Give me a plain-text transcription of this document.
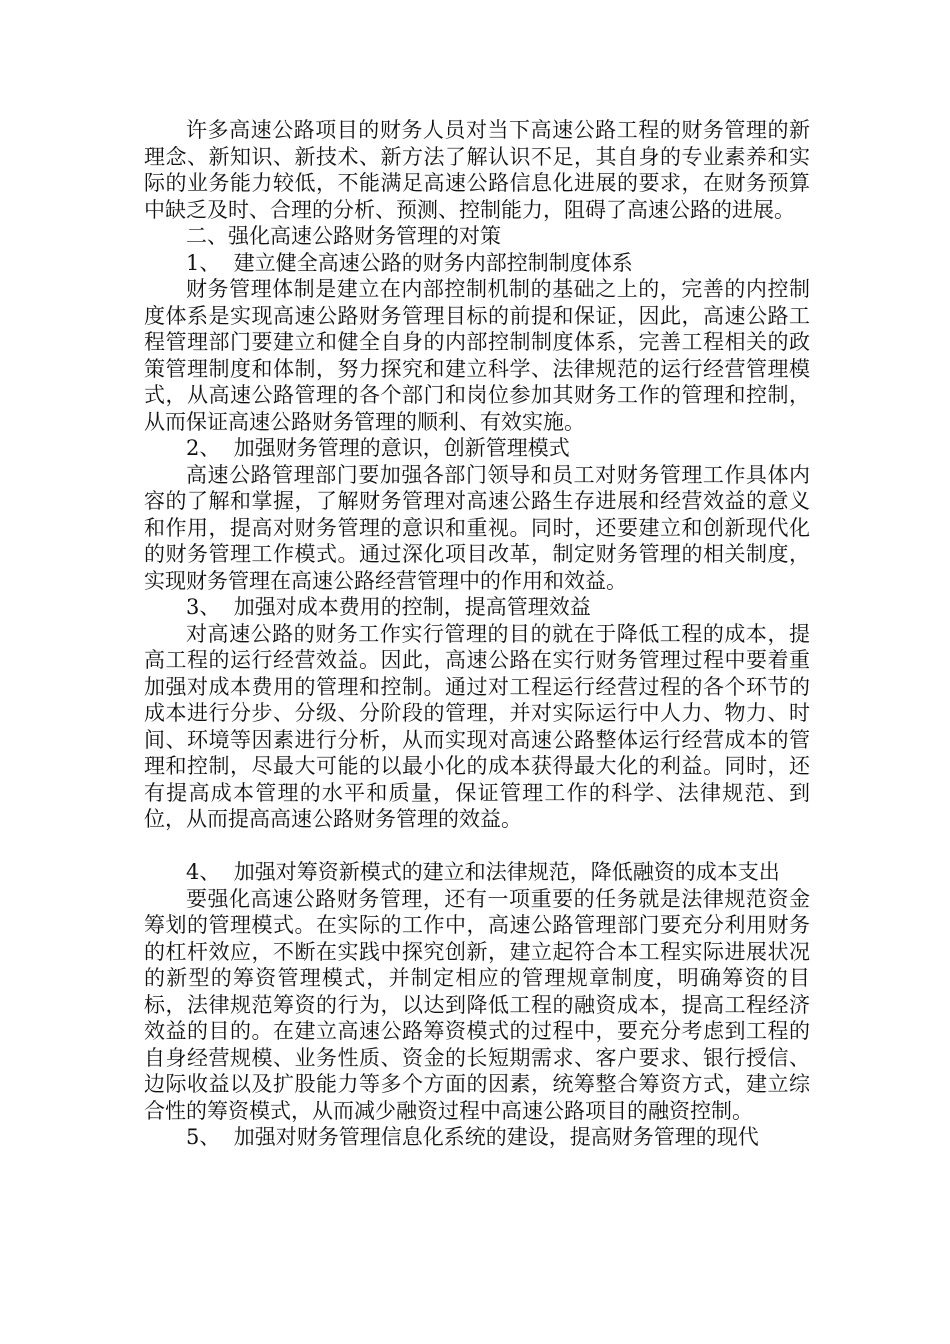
许多高速公路项目的财务人员对当下高速公路工程的财务管理的新理念、新知识、新技术、新方法了解认识不足，其自身的专业素养和实际的业务能力较低，不能满足高速公路信息化进展的要求，在财务预算中缺乏及时、合理的分析、预测、控制能力，阻碍了高速公路的进展。

二、强化高速公路财务管理的对策

1、  建立健全高速公路的财务内部控制制度体系

财务管理体制是建立在内部控制机制的基础之上的，完善的内控制度体系是实现高速公路财务管理目标的前提和保证，因此，高速公路工程管理部门要建立和健全自身的内部控制制度体系，完善工程相关的政策管理制度和体制，努力探究和建立科学、法律规范的运行经营管理模式，从高速公路管理的各个部门和岗位参加其财务工作的管理和控制，从而保证高速公路财务管理的顺利、有效实施。

2、  加强财务管理的意识，创新管理模式

高速公路管理部门要加强各部门领导和员工对财务管理工作具体内容的了解和掌握，了解财务管理对高速公路生存进展和经营效益的意义和作用，提高对财务管理的意识和重视。同时，还要建立和创新现代化的财务管理工作模式。通过深化项目改革，制定财务管理的相关制度，实现财务管理在高速公路经营管理中的作用和效益。

3、  加强对成本费用的控制，提高管理效益

对高速公路的财务工作实行管理的目的就在于降低工程的成本，提高工程的运行经营效益。因此，高速公路在实行财务管理过程中要着重加强对成本费用的管理和控制。通过对工程运行经营过程的各个环节的成本进行分步、分级、分阶段的管理，并对实际运行中人力、物力、时间、环境等因素进行分析，从而实现对高速公路整体运行经营成本的管理和控制，尽最大可能的以最小化的成本获得最大化的利益。同时，还有提高成本管理的水平和质量，保证管理工作的科学、法律规范、到位，从而提高高速公路财务管理的效益。

4、  加强对筹资新模式的建立和法律规范，降低融资的成本支出

要强化高速公路财务管理，还有一项重要的任务就是法律规范资金筹划的管理模式。在实际的工作中，高速公路管理部门要充分利用财务的杠杆效应，不断在实践中探究创新，建立起符合本工程实际进展状况的新型的筹资管理模式，并制定相应的管理规章制度，明确筹资的目标，法律规范筹资的行为，以达到降低工程的融资成本，提高工程经济效益的目的。在建立高速公路筹资模式的过程中，要充分考虑到工程的自身经营规模、业务性质、资金的长短期需求、客户要求、银行授信、边际收益以及扩股能力等多个方面的因素，统筹整合筹资方式，建立综合性的筹资模式，从而减少融资过程中高速公路项目的融资控制。

5、  加强对财务管理信息化系统的建设，提高财务管理的现代
